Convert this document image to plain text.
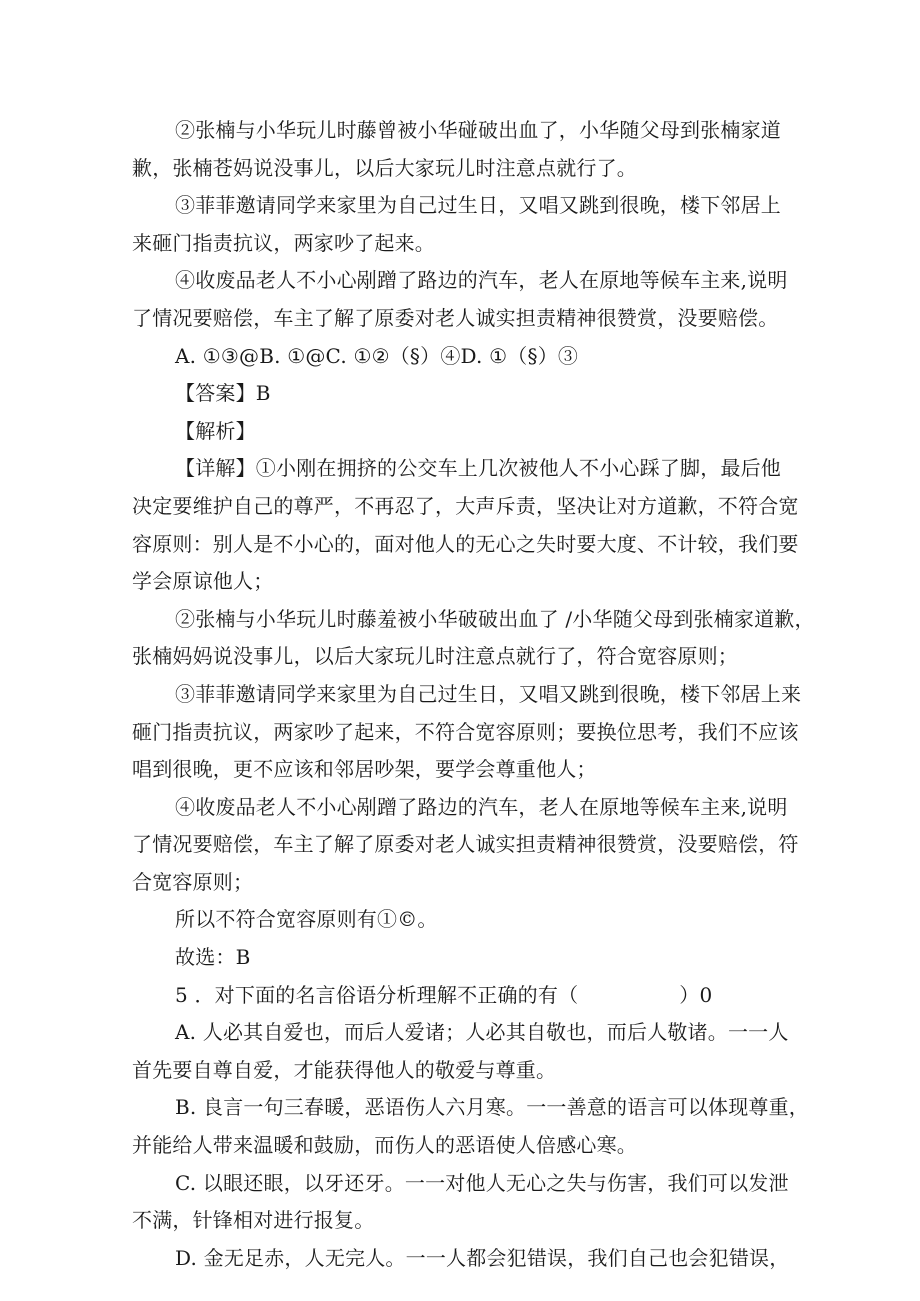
②张楠与小华玩儿时藤曾被小华碰破出血了，小华随父母到张楠家道
歉，张楠苍妈说没事儿，以后大家玩儿时注意点就行了。
③菲菲邀请同学来家里为自己过生日，又唱又跳到很晚，楼下邻居上
来砸门指责抗议，两家吵了起来。
④收废品老人不小心剐蹭了路边的汽车，老人在原地等候车主来,说明
了情况要赔偿，车主了解了原委对老人诚实担责精神很赞赏，没要赔偿。
A. ①③@B. ①@C. ①②（§）④D. ①（§）③
【答案】B
【解析】
【详解】①小刚在拥挤的公交车上几次被他人不小心踩了脚，最后他
决定要维护自己的尊严，不再忍了，大声斥责，坚决让对方道歉，不符合宽
容原则：别人是不小心的，面对他人的无心之失时要大度、不计较，我们要
学会原谅他人；
②张楠与小华玩儿时藤羞被小华破破出血了 /小华随父母到张楠家道歉，
张楠妈妈说没事儿，以后大家玩儿时注意点就行了，符合宽容原则；
③菲菲邀请同学来家里为自己过生日，又唱又跳到很晚，楼下邻居上来
砸门指责抗议，两家吵了起来，不符合宽容原则；要换位思考，我们不应该
唱到很晚，更不应该和邻居吵架，要学会尊重他人；
④收废品老人不小心剐蹭了路边的汽车，老人在原地等候车主来,说明
了情况要赔偿，车主了解了原委对老人诚实担责精神很赞赏，没要赔偿，符
合宽容原则；
所以不符合宽容原则有①©。
故选：B
5 ．对下面的名言俗语分析理解不正确的有（　　　　　）0
A. 人必其自爱也，而后人爱诸；人必其自敬也，而后人敬诸。一一人
首先要自尊自爱，才能获得他人的敬爱与尊重。
B. 良言一句三春暖，恶语伤人六月寒。一一善意的语言可以体现尊重，
并能给人带来温暖和鼓励，而伤人的恶语使人倍感心寒。
C. 以眼还眼，以牙还牙。一一对他人无心之失与伤害，我们可以发泄
不满，针锋相对进行报复。
D. 金无足赤，人无完人。一一人都会犯错误，我们自己也会犯错误，
